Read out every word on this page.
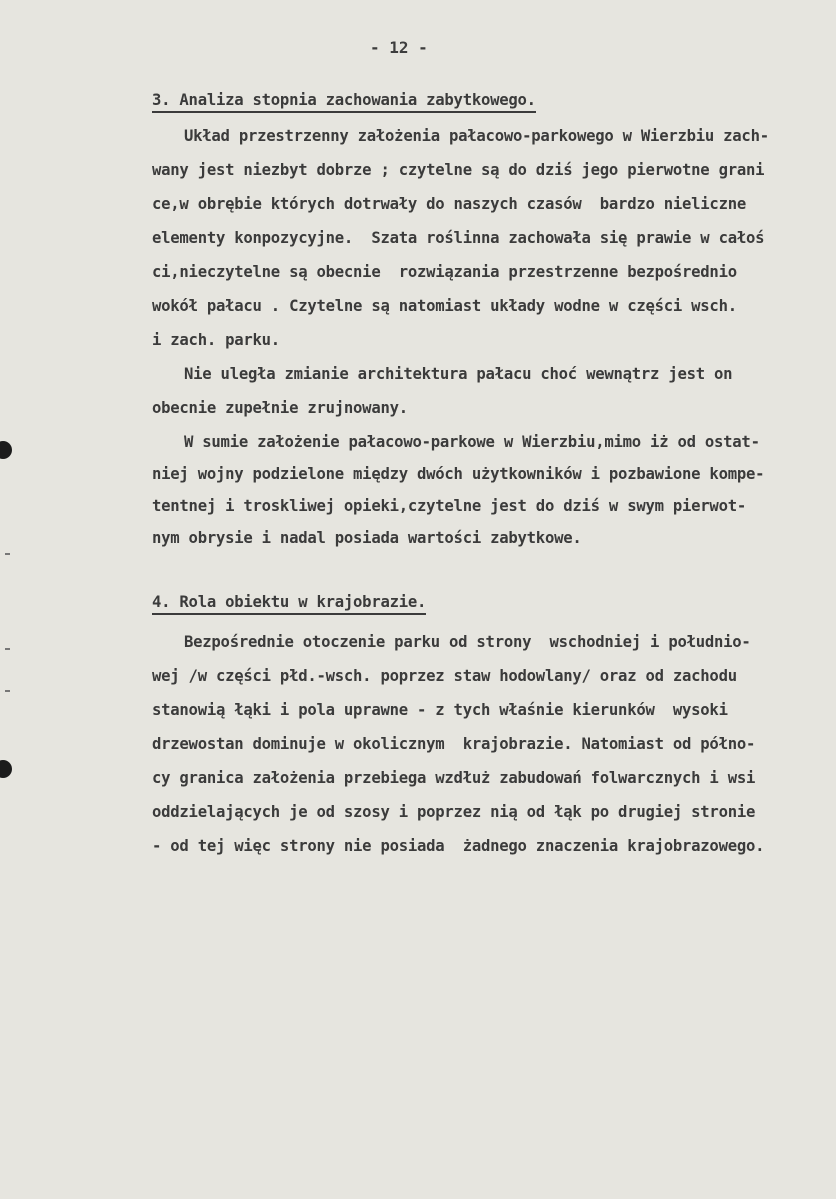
- 12 -
3. Analiza stopnia zachowania zabytkowego.
Układ przestrzenny założenia pałacowo-parkowego w Wierzbiu zach-
wany jest niezbyt dobrze ; czytelne są do dziś jego pierwotne grani
ce,w obrębie których dotrwały do naszych czasów  bardzo nieliczne
elementy konpozycyjne.  Szata roślinna zachowała się prawie w całoś
ci,nieczytelne są obecnie  rozwiązania przestrzenne bezpośrednio
wokół pałacu . Czytelne są natomiast układy wodne w części wsch.
i zach. parku.
Nie uległa zmianie architektura pałacu choć wewnątrz jest on
obecnie zupełnie zrujnowany.
W sumie założenie pałacowo-parkowe w Wierzbiu,mimo iż od ostat-
niej wojny podzielone między dwóch użytkowników i pozbawione kompe-
tentnej i troskliwej opieki,czytelne jest do dziś w swym pierwot-
nym obrysie i nadal posiada wartości zabytkowe.
4. Rola obiektu w krajobrazie.
Bezpośrednie otoczenie parku od strony  wschodniej i południo-
wej /w części płd.-wsch. poprzez staw hodowlany/ oraz od zachodu
stanowią łąki i pola uprawne - z tych właśnie kierunków  wysoki
drzewostan dominuje w okolicznym  krajobrazie. Natomiast od półno-
cy granica założenia przebiega wzdłuż zabudowań folwarcznych i wsi
oddzielających je od szosy i poprzez nią od łąk po drugiej stronie
- od tej więc strony nie posiada  żadnego znaczenia krajobrazowego.
